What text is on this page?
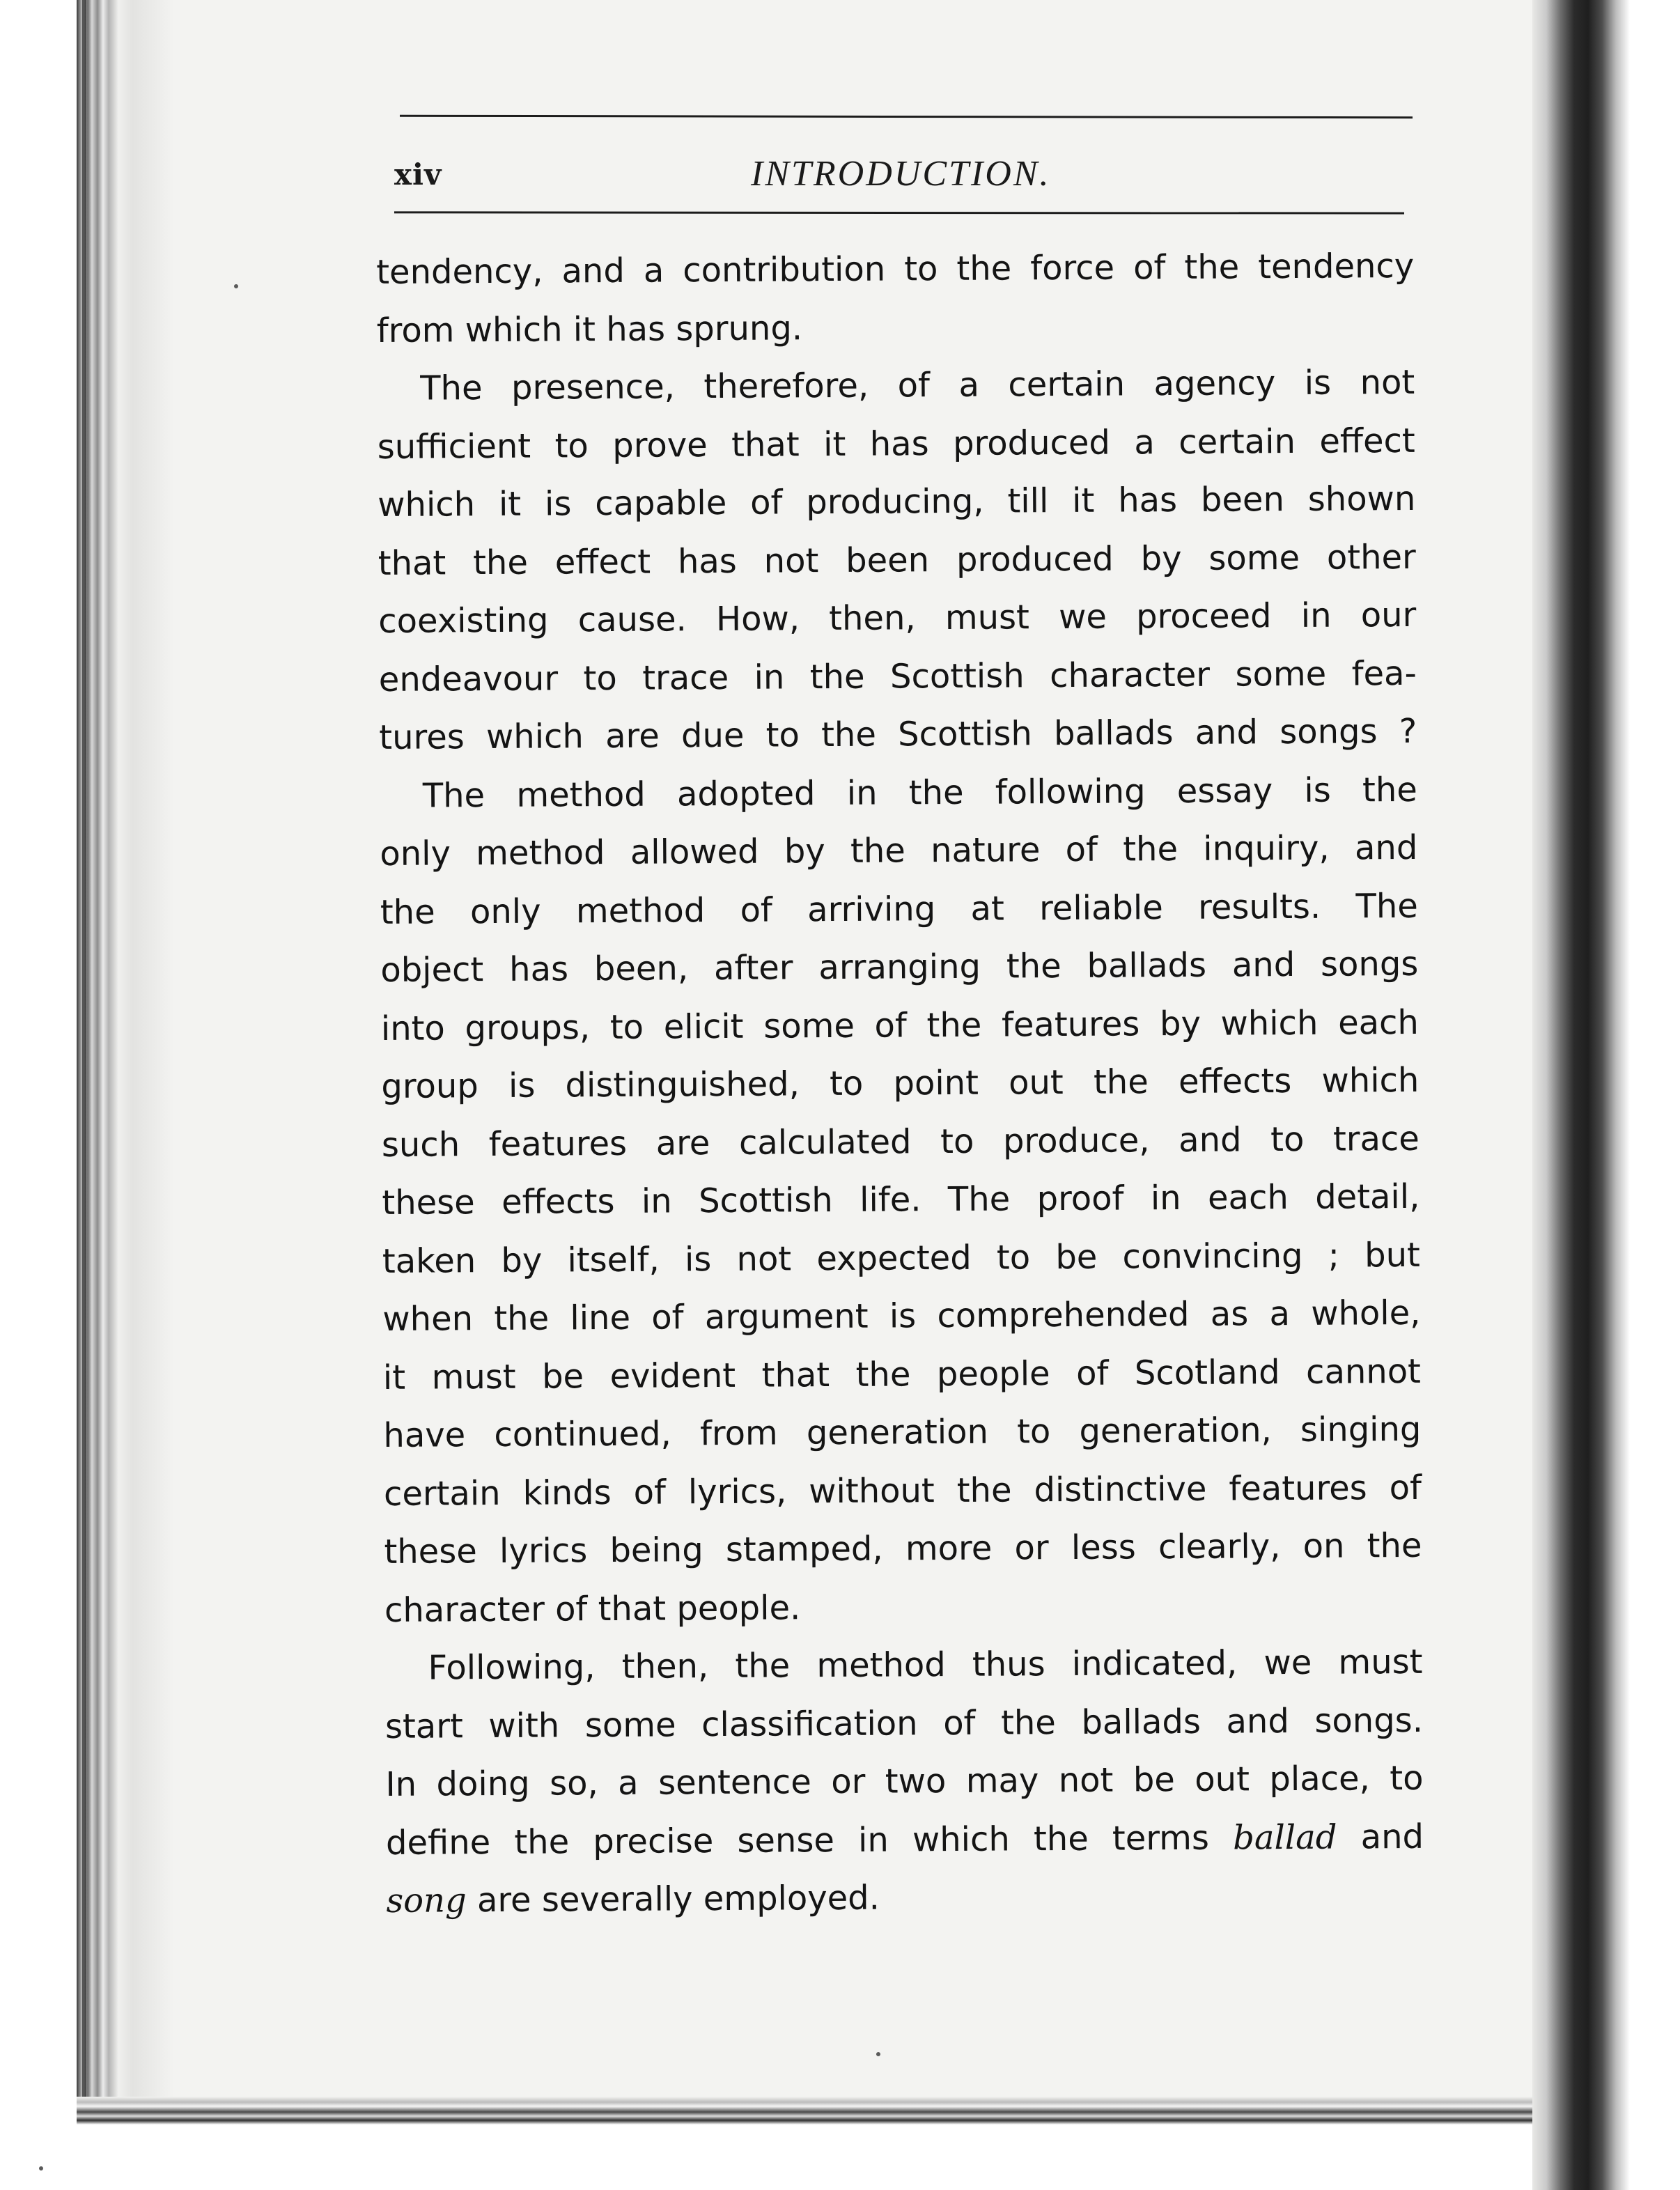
xiv	INTRODUCTION.
tendency, and a contribution to the force of the tendency
from which it has sprung.
The presence, therefore, of a certain agency is not
sufficient to prove that it has produced a certain effect
which it is capable of producing, till it has been shown
that the effect has not been produced by some other
coexisting cause. How, then, must we proceed in our
endeavour to trace in the Scottish character some fea-
tures which are due to the Scottish ballads and songs ?
The method adopted in the following essay is the
only method allowed by the nature of the inquiry, and
the only method of arriving at reliable results. The
object has been, after arranging the ballads and songs
into groups, to elicit some of the features by which each
group is distinguished, to point out the effects which
such features are calculated to produce, and to trace
these effects in Scottish life. The proof in each detail,
taken by itself, is not expected to be convincing ; but
when the line of argument is comprehended as a whole,
it must be evident that the people of Scotland cannot
have continued, from generation to generation, singing
certain kinds of lyrics, without the distinctive features of
these lyrics being stamped, more or less clearly, on the
character of that people.
Following, then, the method thus indicated, we must
start with some classification of the ballads and songs.
In doing so, a sentence or two may not be out place, to
define the precise sense in which the terms ballad and
song are severally employed.
